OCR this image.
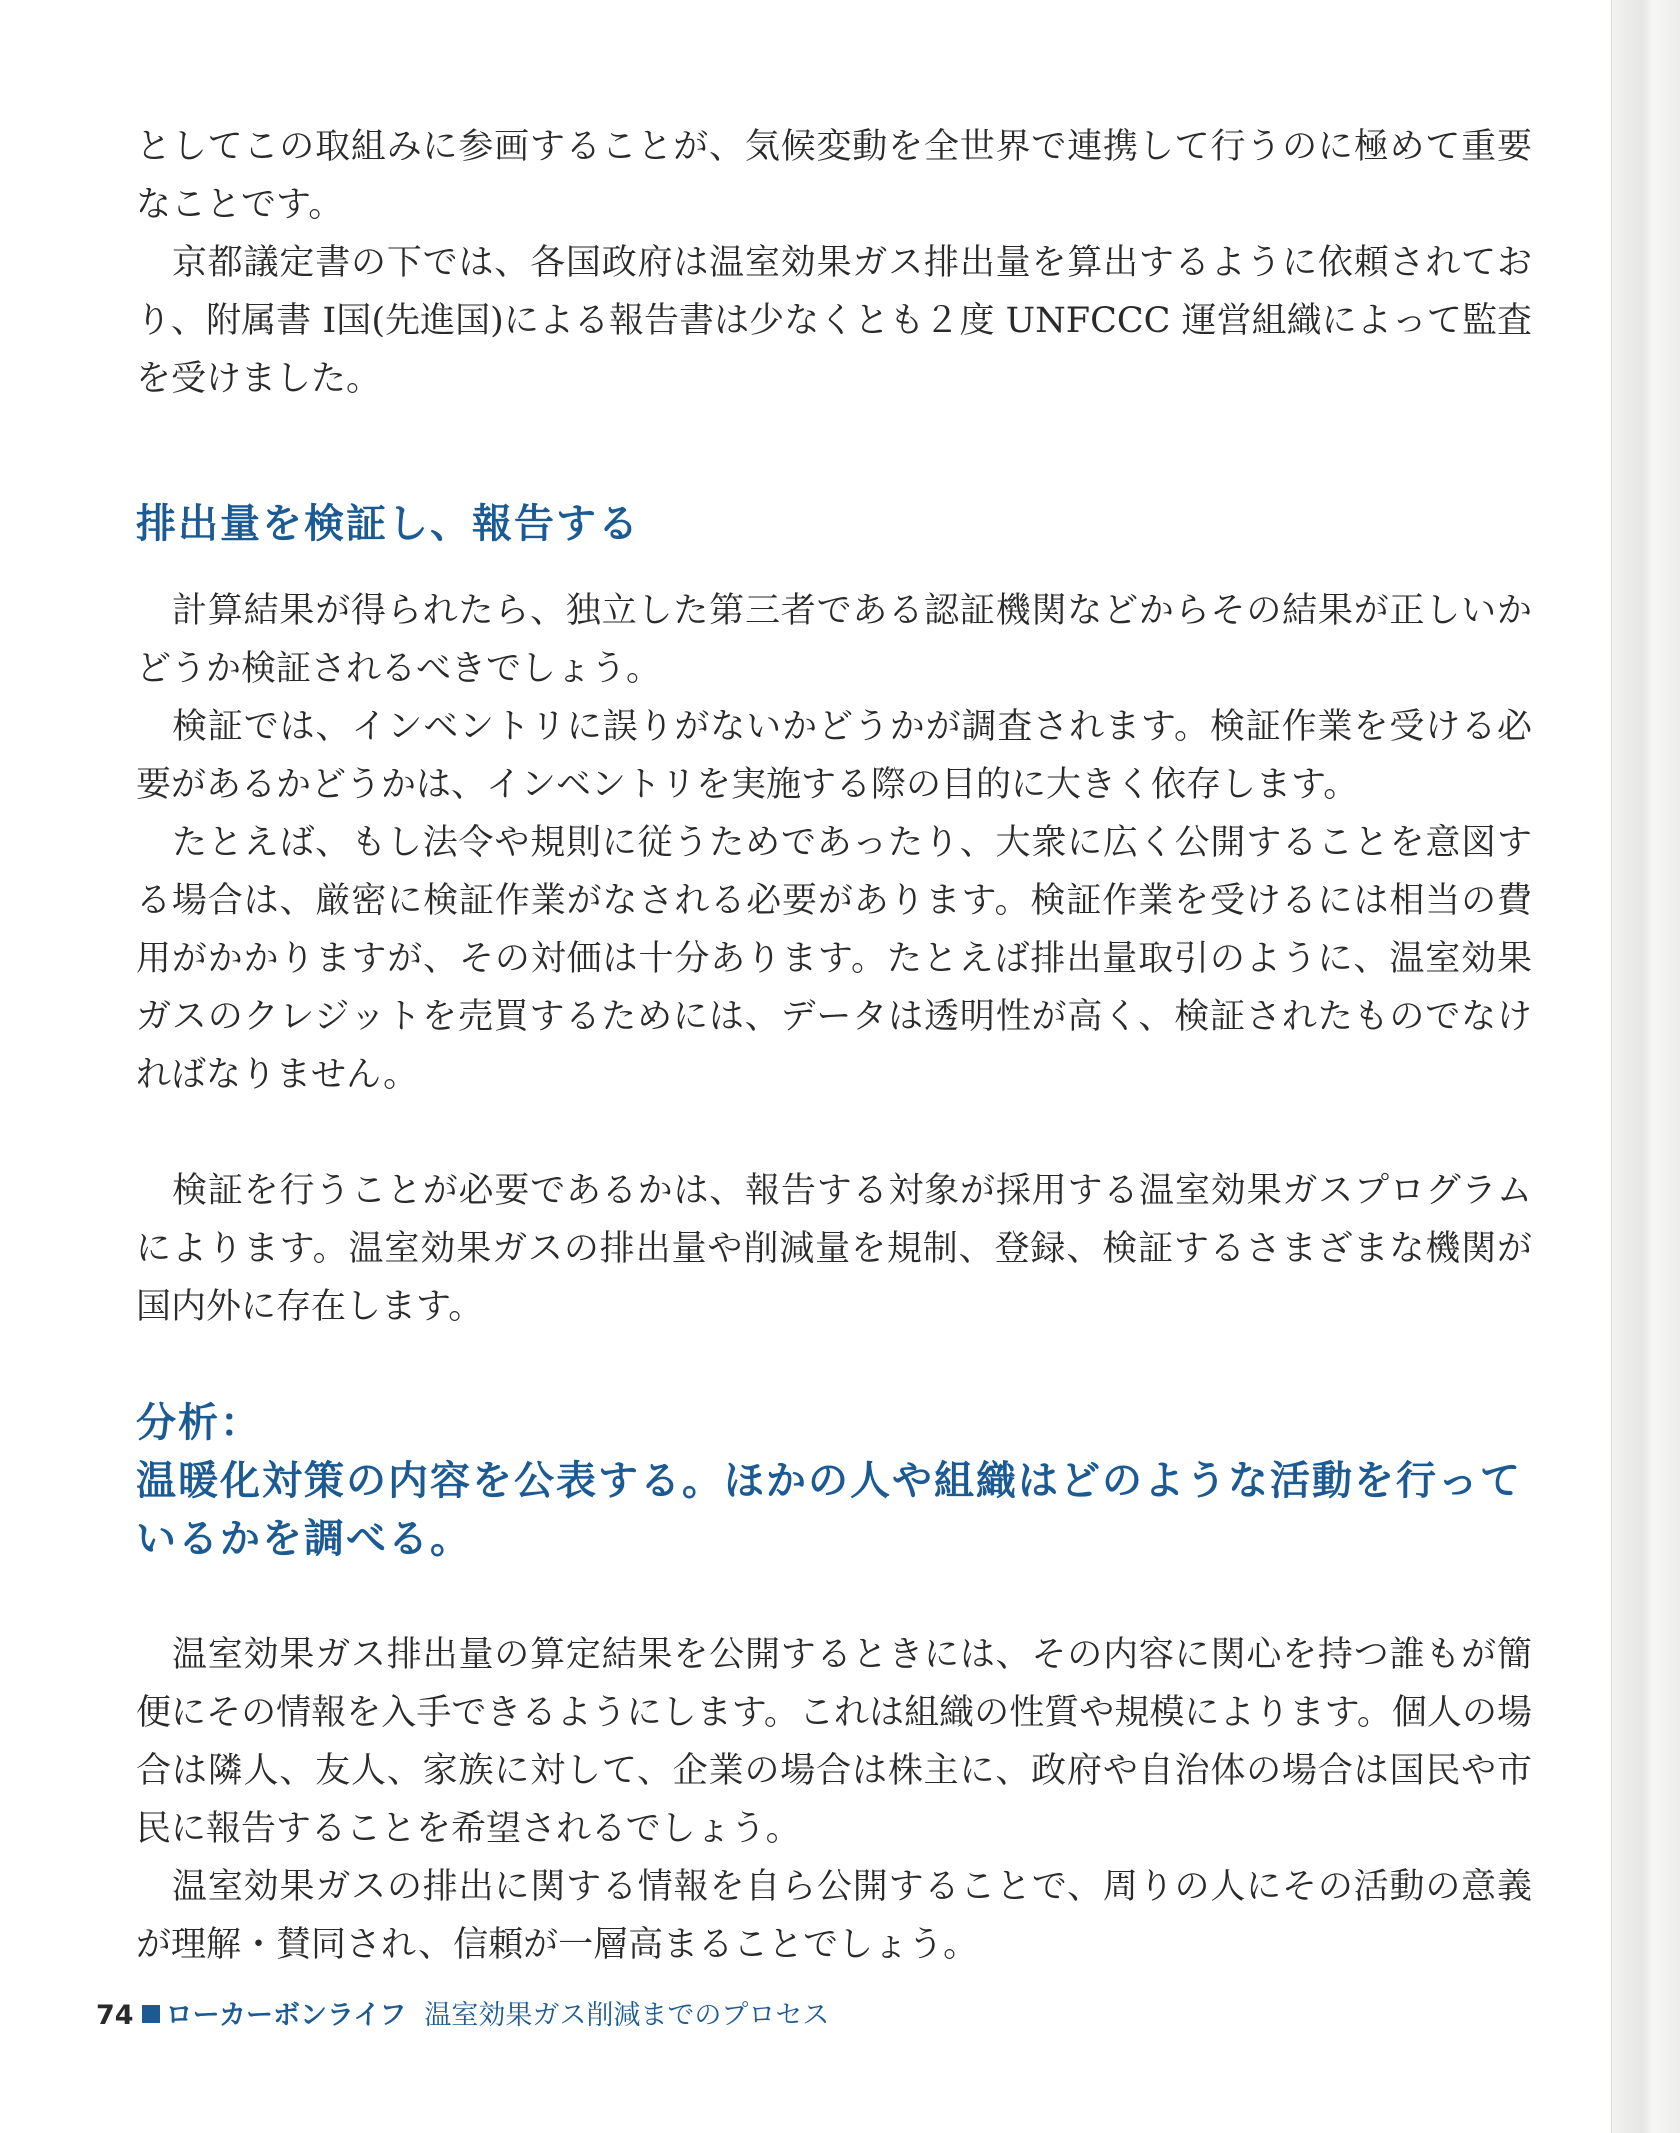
としてこの取組みに参画することが、気候変動を全世界で連携して行うのに極めて重要なことです。

京都議定書の下では、各国政府は温室効果ガス排出量を算出するように依頼されており、附属書 Ⅰ国(先進国)による報告書は少なくとも２度 UNFCCC 運営組織によって監査を受けました。

排出量を検証し、報告する

計算結果が得られたら、独立した第三者である認証機関などからその結果が正しいかどうか検証されるべきでしょう。

検証では、インベントリに誤りがないかどうかが調査されます。検証作業を受ける必要があるかどうかは、インベントリを実施する際の目的に大きく依存します。

たとえば、もし法令や規則に従うためであったり、大衆に広く公開することを意図する場合は、厳密に検証作業がなされる必要があります。検証作業を受けるには相当の費用がかかりますが、その対価は十分あります。たとえば排出量取引のように、温室効果ガスのクレジットを売買するためには、データは透明性が高く、検証されたものでなければなりません。

検証を行うことが必要であるかは、報告する対象が採用する温室効果ガスプログラムによります。温室効果ガスの排出量や削減量を規制、登録、検証するさまざまな機関が国内外に存在します。

分析：
温暖化対策の内容を公表する。ほかの人や組織はどのような活動を行っているかを調べる。

温室効果ガス排出量の算定結果を公開するときには、その内容に関心を持つ誰もが簡便にその情報を入手できるようにします。これは組織の性質や規模によります。個人の場合は隣人、友人、家族に対して、企業の場合は株主に、政府や自治体の場合は国民や市民に報告することを希望されるでしょう。

温室効果ガスの排出に関する情報を自ら公開することで、周りの人にその活動の意義が理解・賛同され、信頼が一層高まることでしょう。

74 ローカーボンライフ 温室効果ガス削減までのプロセス
